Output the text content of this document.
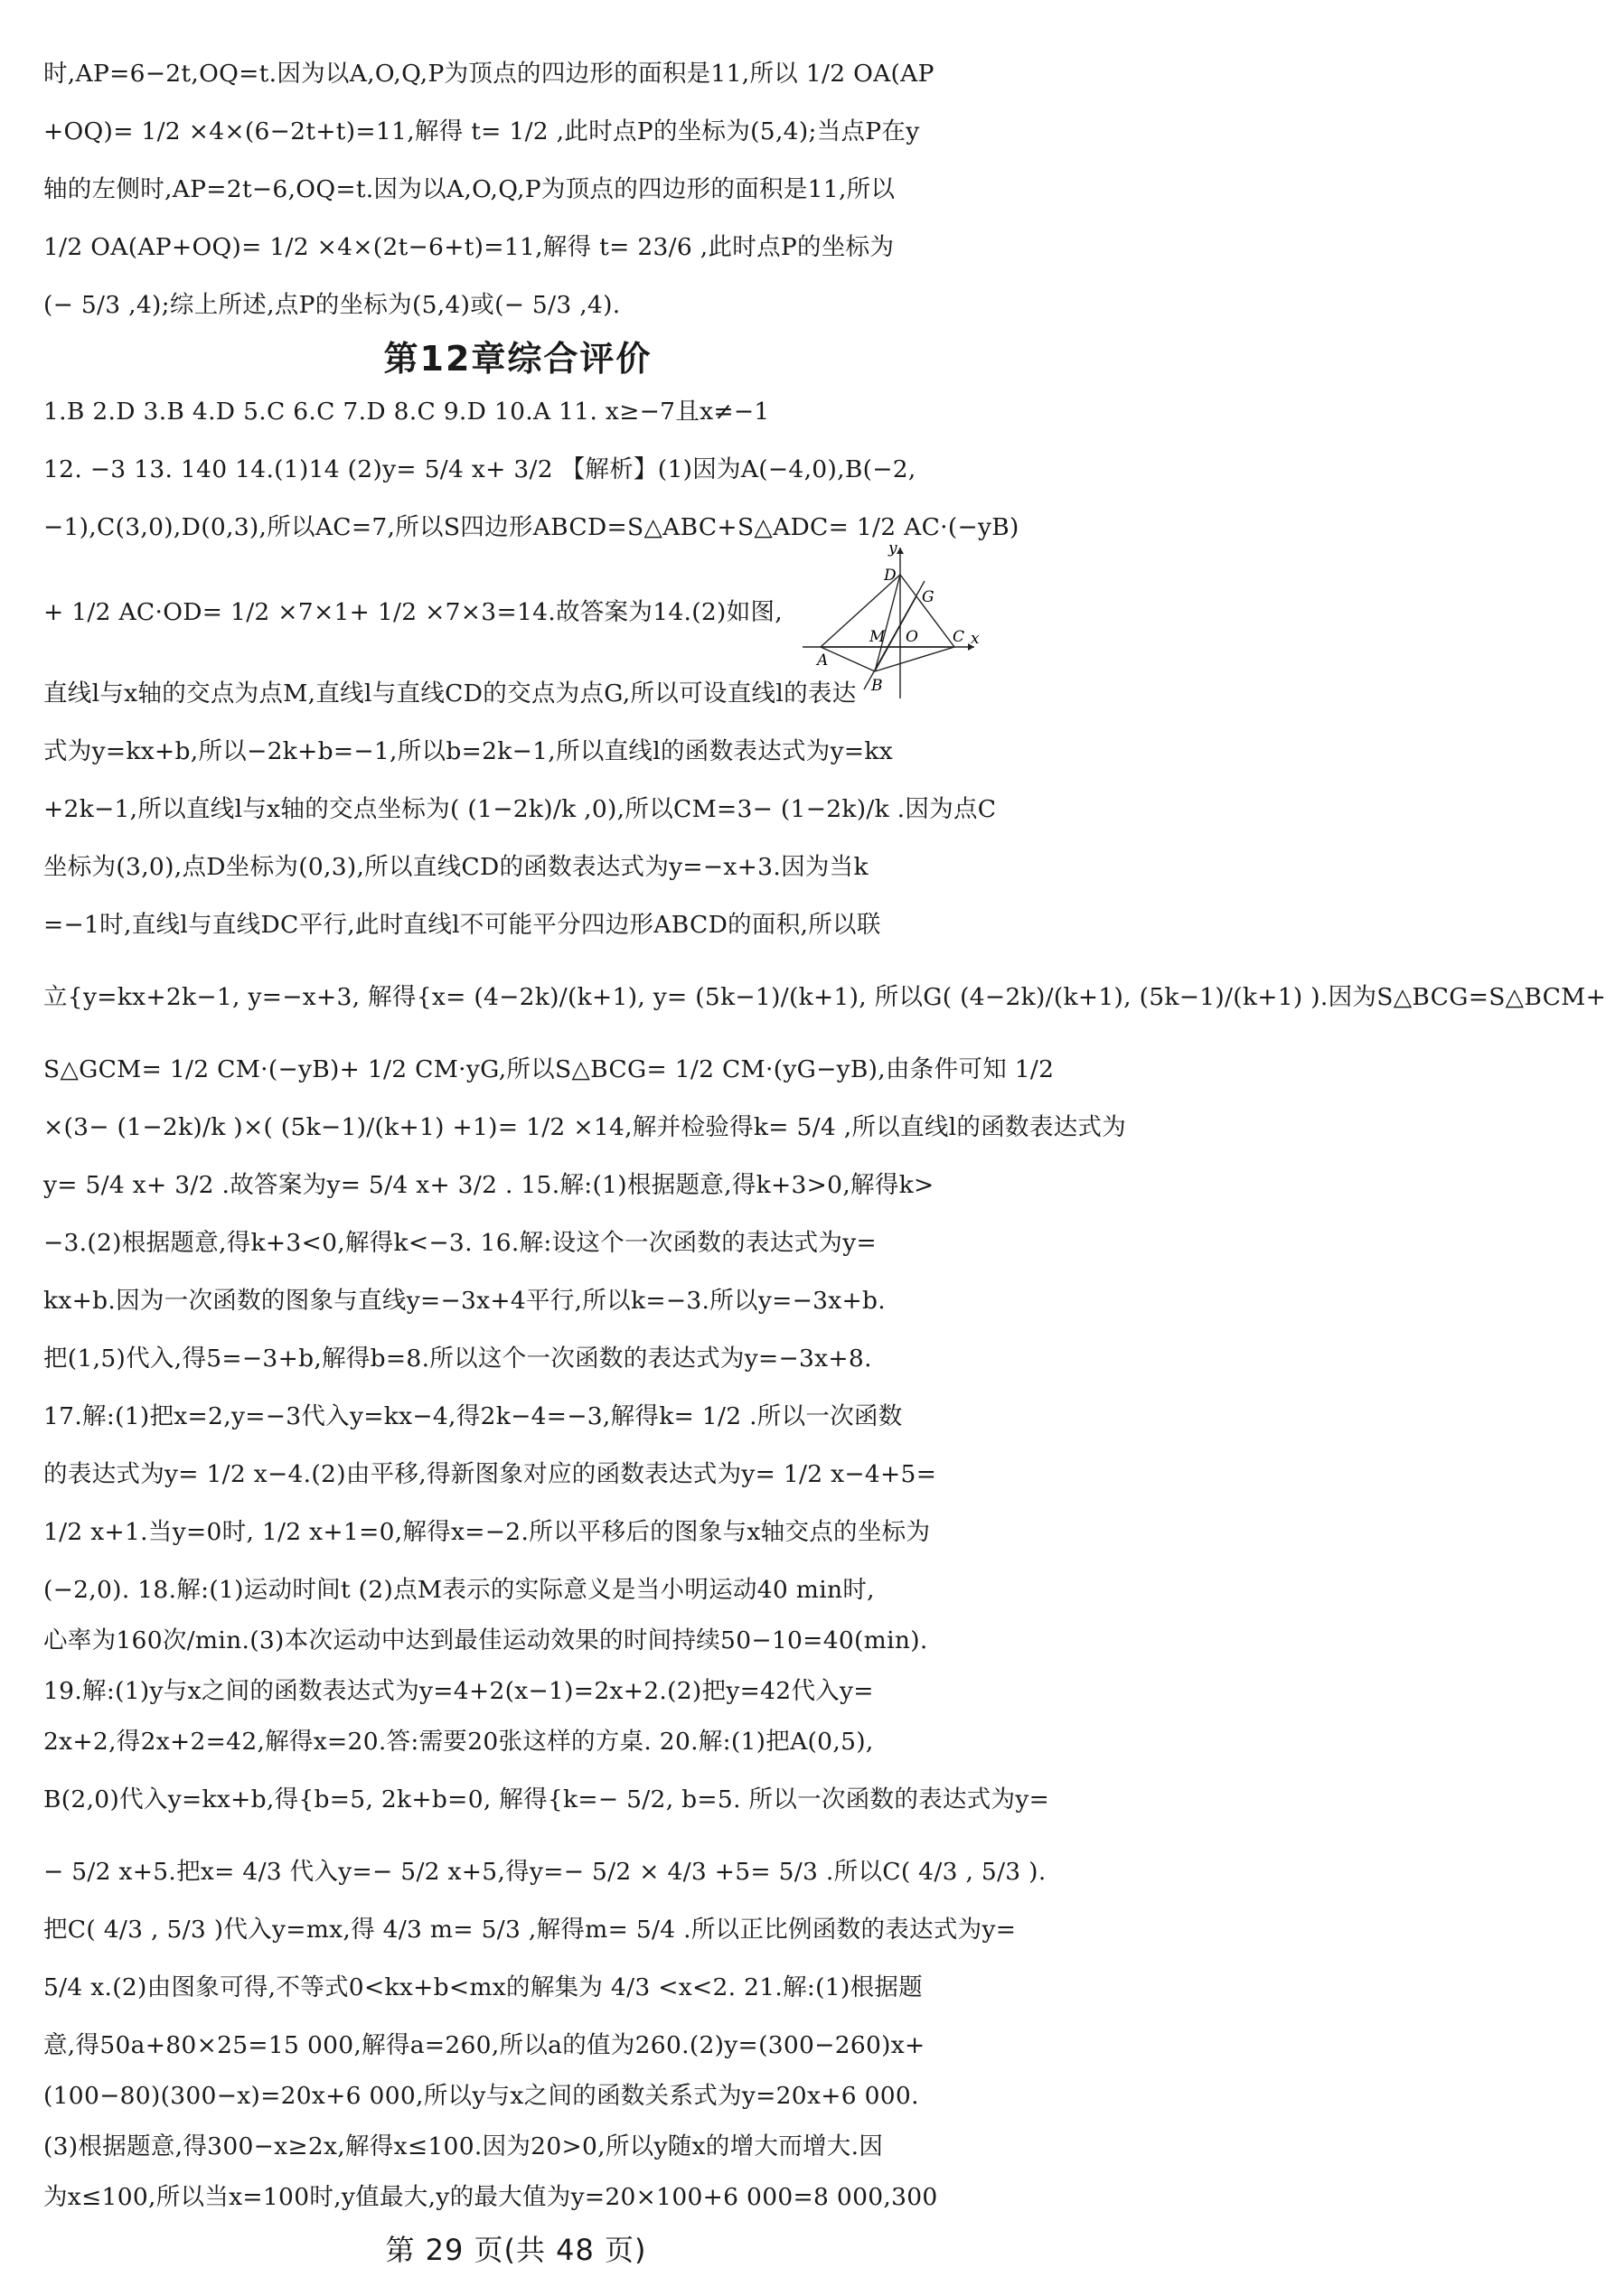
时,AP=6−2t,OQ=t.因为以A,O,Q,P为顶点的四边形的面积是11,所以 1/2 OA(AP
+OQ)= 1/2 ×4×(6−2t+t)=11,解得 t= 1/2 ,此时点P的坐标为(5,4);当点P在y
轴的左侧时,AP=2t−6,OQ=t.因为以A,O,Q,P为顶点的四边形的面积是11,所以
1/2 OA(AP+OQ)= 1/2 ×4×(2t−6+t)=11,解得 t= 23/6 ,此时点P的坐标为
(− 5/3 ,4);综上所述,点P的坐标为(5,4)或(− 5/3 ,4).
第12章综合评价
1.B 2.D 3.B 4.D 5.C 6.C 7.D 8.C 9.D 10.A 11. x≥−7且x≠−1
12. −3 13. 140 14.(1)14 (2)y= 5/4 x+ 3/2 【解析】(1)因为A(−4,0),B(−2,
−1),C(3,0),D(0,3),所以AC=7,所以S四边形ABCD=S△ABC+S△ADC= 1/2 AC·(−yB)
+ 1/2 AC·OD= 1/2 ×7×1+ 1/2 ×7×3=14.故答案为14.(2)如图,
y
D
G
M O
A
C x
B
直线l与x轴的交点为点M,直线l与直线CD的交点为点G,所以可设直线l的表达
式为y=kx+b,所以−2k+b=−1,所以b=2k−1,所以直线l的函数表达式为y=kx
+2k−1,所以直线l与x轴的交点坐标为( (1−2k)/k ,0),所以CM=3− (1−2k)/k .因为点C
坐标为(3,0),点D坐标为(0,3),所以直线CD的函数表达式为y=−x+3.因为当k
=−1时,直线l与直线DC平行,此时直线l不可能平分四边形ABCD的面积,所以联
立{y=kx+2k−1, y=−x+3, 解得{x= (4−2k)/(k+1), y= (5k−1)/(k+1), 所以G( (4−2k)/(k+1), (5k−1)/(k+1) ).因为S△BCG=S△BCM+
S△GCM= 1/2 CM·(−yB)+ 1/2 CM·yG,所以S△BCG= 1/2 CM·(yG−yB),由条件可知 1/2
×(3− (1−2k)/k )×( (5k−1)/(k+1) +1)= 1/2 ×14,解并检验得k= 5/4 ,所以直线l的函数表达式为
y= 5/4 x+ 3/2 .故答案为y= 5/4 x+ 3/2 . 15.解:(1)根据题意,得k+3>0,解得k>
−3.(2)根据题意,得k+3<0,解得k<−3. 16.解:设这个一次函数的表达式为y=
kx+b.因为一次函数的图象与直线y=−3x+4平行,所以k=−3.所以y=−3x+b.
把(1,5)代入,得5=−3+b,解得b=8.所以这个一次函数的表达式为y=−3x+8.
17.解:(1)把x=2,y=−3代入y=kx−4,得2k−4=−3,解得k= 1/2 .所以一次函数
的表达式为y= 1/2 x−4.(2)由平移,得新图象对应的函数表达式为y= 1/2 x−4+5=
1/2 x+1.当y=0时, 1/2 x+1=0,解得x=−2.所以平移后的图象与x轴交点的坐标为
(−2,0). 18.解:(1)运动时间t (2)点M表示的实际意义是当小明运动40 min时,
心率为160次/min.(3)本次运动中达到最佳运动效果的时间持续50−10=40(min).
19.解:(1)y与x之间的函数表达式为y=4+2(x−1)=2x+2.(2)把y=42代入y=
2x+2,得2x+2=42,解得x=20.答:需要20张这样的方桌. 20.解:(1)把A(0,5),
B(2,0)代入y=kx+b,得{b=5, 2k+b=0, 解得{k=− 5/2, b=5. 所以一次函数的表达式为y=
− 5/2 x+5.把x= 4/3 代入y=− 5/2 x+5,得y=− 5/2 × 4/3 +5= 5/3 .所以C( 4/3 , 5/3 ).
把C( 4/3 , 5/3 )代入y=mx,得 4/3 m= 5/3 ,解得m= 5/4 .所以正比例函数的表达式为y=
5/4 x.(2)由图象可得,不等式0<kx+b<mx的解集为 4/3 <x<2. 21.解:(1)根据题
意,得50a+80×25=15 000,解得a=260,所以a的值为260.(2)y=(300−260)x+
(100−80)(300−x)=20x+6 000,所以y与x之间的函数关系式为y=20x+6 000.
(3)根据题意,得300−x≥2x,解得x≤100.因为20>0,所以y随x的增大而增大.因
为x≤100,所以当x=100时,y值最大,y的最大值为y=20×100+6 000=8 000,300
第 29 页(共 48 页)
